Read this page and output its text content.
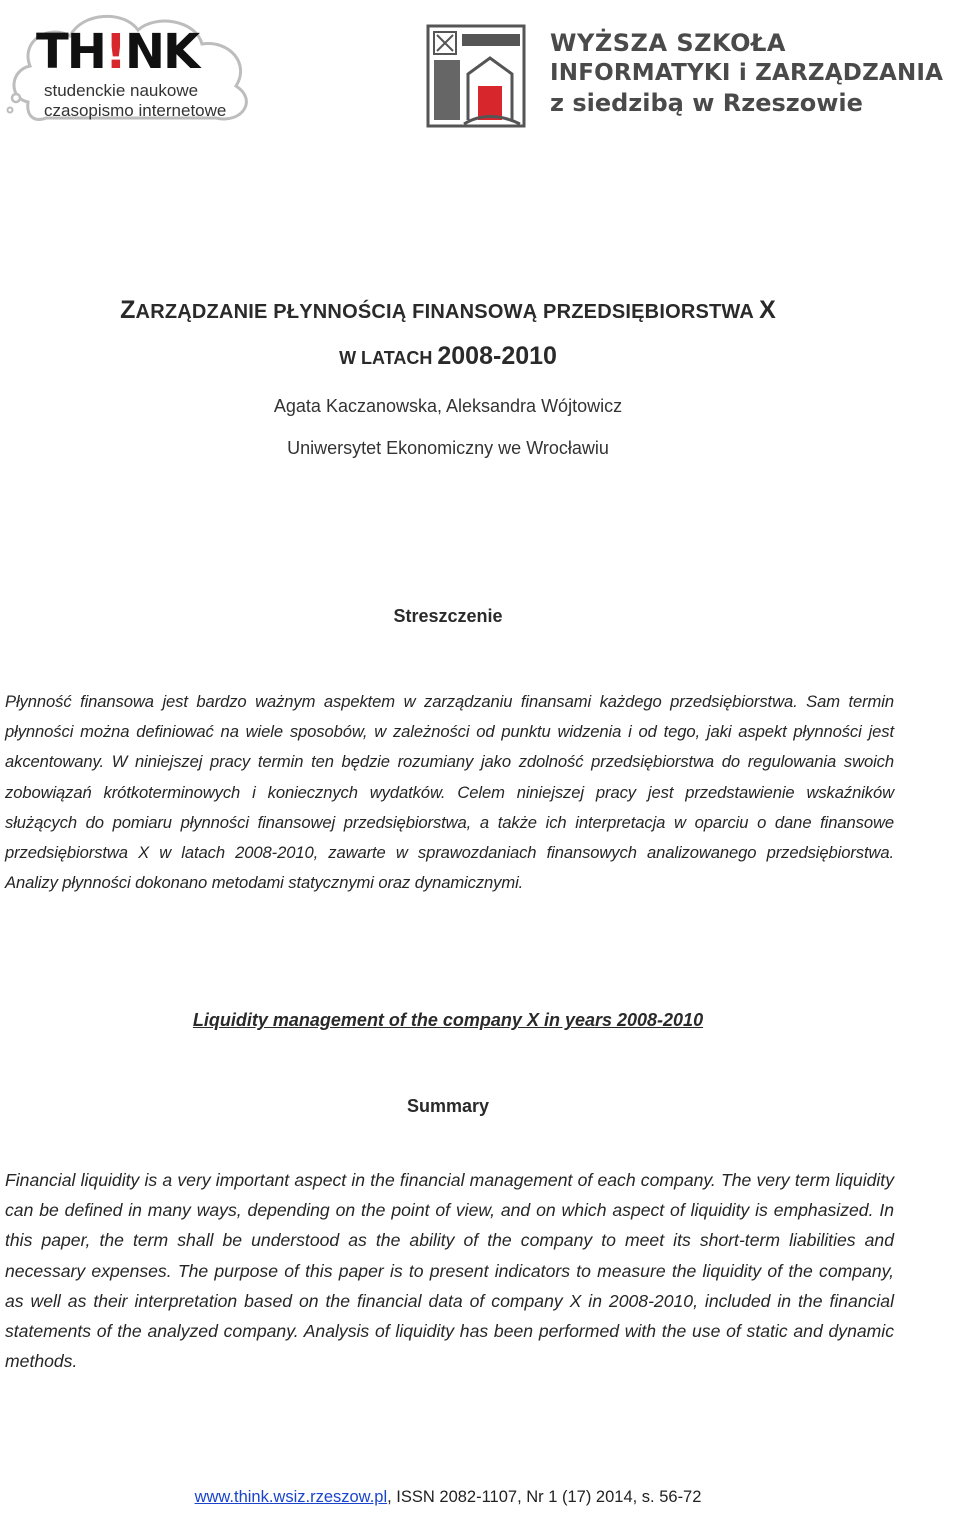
TH!NK
studenckie naukowe
czasopismo internetowe
WYŻSZA SZKOŁA
INFORMATYKI i ZARZĄDZANIA
z siedzibą w Rzeszowie
ZARZĄDZANIE PŁYNNOŚCIĄ FINANSOWĄ PRZEDSIĘBIORSTWA X
W LATACH 2008-2010
Agata Kaczanowska, Aleksandra Wójtowicz
Uniwersytet Ekonomiczny we Wrocławiu
Streszczenie
Płynność finansowa jest bardzo ważnym aspektem w zarządzaniu finansami każdego przedsiębiorstwa. Sam termin płynności można definiować na wiele sposobów, w zależności od punktu widzenia i od tego, jaki aspekt płynności jest akcentowany. W niniejszej pracy termin ten będzie rozumiany jako zdolność przedsiębiorstwa do regulowania swoich zobowiązań krótkoterminowych i koniecznych wydatków. Celem niniejszej pracy jest przedstawienie wskaźników służących do pomiaru płynności finansowej przedsiębiorstwa, a także ich interpretacja w oparciu o dane finansowe przedsiębiorstwa X w latach 2008-2010, zawarte w sprawozdaniach finansowych analizowanego przedsiębiorstwa. Analizy płynności dokonano metodami statycznymi oraz dynamicznymi.
Liquidity management of the company X in years 2008-2010
Summary
Financial liquidity is a very important aspect in the financial management of each company. The very term liquidity can be defined in many ways, depending on the point of view, and on which aspect of liquidity is emphasized. In this paper, the term shall be understood as the ability of the company to meet its short-term liabilities and necessary expenses. The purpose of this paper is to present indicators to measure the liquidity of the company, as well as their interpretation based on the financial data of company X in 2008-2010, included in the financial statements of the analyzed company. Analysis of liquidity has been performed with the use of static and dynamic methods.
www.think.wsiz.rzeszow.pl, ISSN 2082-1107, Nr 1 (17) 2014, s. 56-72
